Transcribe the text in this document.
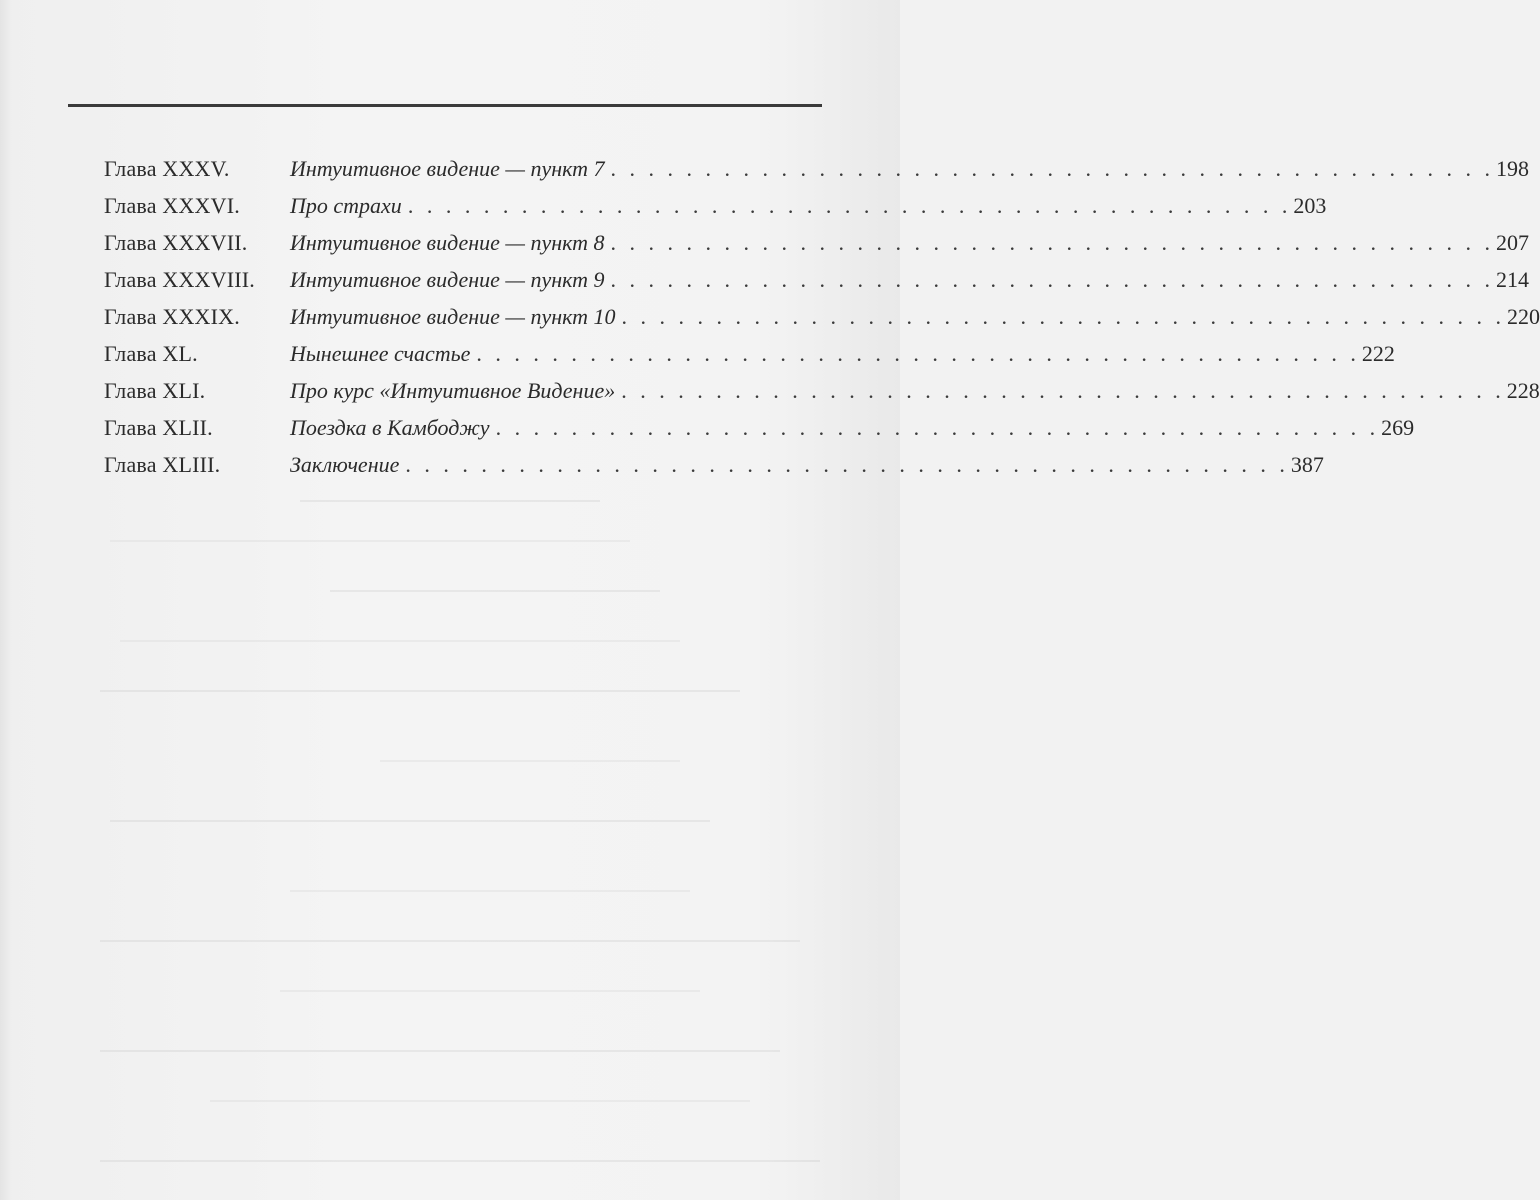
Глава XXXV.	Интуитивное видение — пункт 7 . . . . . . . . . . . . . . . . . . . . . . . . . . . . . . . . . . . . . . . . . . . . . . . 198
Глава XXXVI.	Про страхи . . . . . . . . . . . . . . . . . . . . . . . . . . . . . . . . . . . . . . . . . . . . . . . 203
Глава XXXVII.	Интуитивное видение — пункт 8 . . . . . . . . . . . . . . . . . . . . . . . . . . . . . . . . . . . . . . . . . . . . . . . 207
Глава XXXVIII.	Интуитивное видение — пункт 9 . . . . . . . . . . . . . . . . . . . . . . . . . . . . . . . . . . . . . . . . . . . . . . . 214
Глава XXXIX.	Интуитивное видение — пункт 10 . . . . . . . . . . . . . . . . . . . . . . . . . . . . . . . . . . . . . . . . . . . . . . . 220
Глава XL.	Нынешнее счастье . . . . . . . . . . . . . . . . . . . . . . . . . . . . . . . . . . . . . . . . . . . . . . . 222
Глава XLI.	Про курс «Интуитивное Видение» . . . . . . . . . . . . . . . . . . . . . . . . . . . . . . . . . . . . . . . . . . . . . . . 228
Глава XLII.	Поездка в Камбоджу . . . . . . . . . . . . . . . . . . . . . . . . . . . . . . . . . . . . . . . . . . . . . . . 269
Глава XLIII.	Заключение . . . . . . . . . . . . . . . . . . . . . . . . . . . . . . . . . . . . . . . . . . . . . . . 387
